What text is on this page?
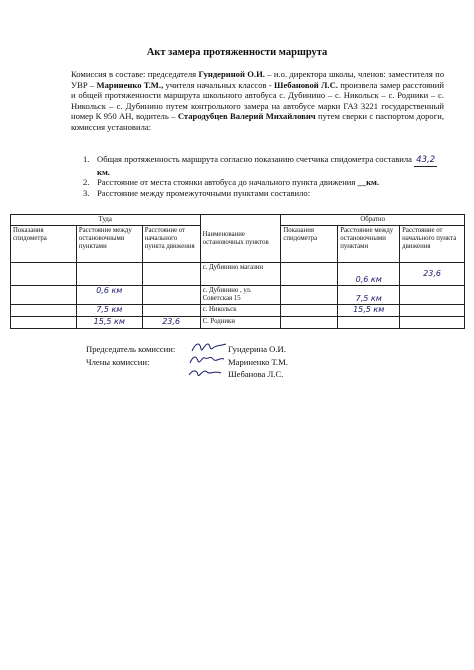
Акт замера протяженности маршрута
Комиссия в составе: председателя Гундериной О.И. – и.о. директора школы, членов: заместителя по УВР – Мариненко Т.М., учителя начальных классов - Шебановой Л.С. произвела замер расстояний и общей протяженности маршрута школьного автобуса с. Дубинино – с. Никольск – с. Родники – с. Никольск – с. Дубинино путем контрольного замера на автобусе марки ГАЗ 3221 государственный номер К 950 АН, водитель – Стародубцев Валерий Михайлович путем сверки с паспортом дороги, комиссия установила:
1. Общая протяженность маршрута согласно показанию счетчика спидометра составила 43,2 км.
2. Расстояние от места стоянки автобуса до начального пункта движения __км.
3. Расстояние между промежуточными пунктами составило:
Туда			Наименование остановочных пунктов	Обратно		
Показания спидометра	Расстояние между остановочными пунктами	Расстояние от начального пункта движения		Показания спидометра	Расстояние между остановочными пунктами	Расстояние от начального пункта движения
			с. Дубинино магазин		0,6 км	23,6
	0,6 км		с. Дубинино , ул. Советская 15		7,5 км	
	7,5 км		с. Никольск		15,5 км	
	15,5 км	23,6	С. Родники			
Председатель комиссии:	Гундерина О.И.
Члены комиссии:	Мариненко Т.М.
Шебанова Л.С.
